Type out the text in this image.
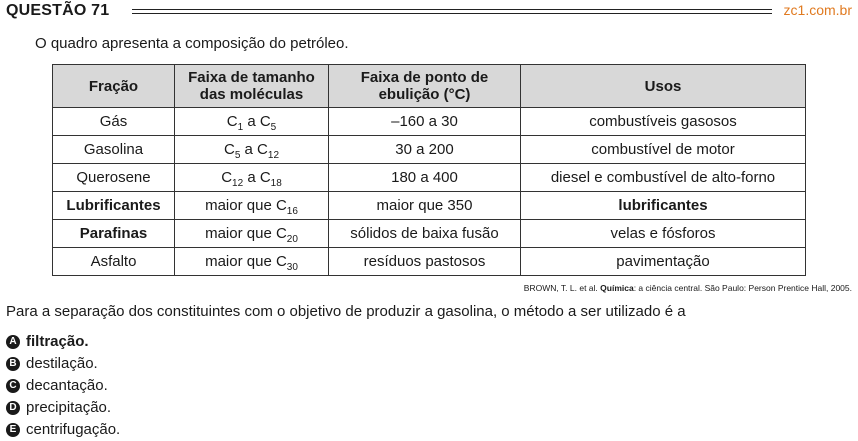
QUESTÃO 71	zc1.com.br
O quadro apresenta a composição do petróleo.
Fração	Faixa de tamanho das moléculas	Faixa de ponto de ebulição (°C)	Usos
Gás	$C_1$ a $C_5$	–160 a 30	combustíveis gasosos
Gasolina	$C_5$ a $C_{12}$	30 a 200	combustível de motor
Querosene	$C_{12}$ a $C_{18}$	180 a 400	diesel e combustível de alto-forno
Lubrificantes	maior que $C_{16}$	maior que 350	lubrificantes
Parafinas	maior que $C_{20}$	sólidos de baixa fusão	velas e fósforos
Asfalto	maior que $C_{30}$	resíduos pastosos	pavimentação
BROWN, T. L. et al. Química: a ciência central. São Paulo: Person Prentice Hall, 2005.
Para a separação dos constituintes com o objetivo de produzir a gasolina, o método a ser utilizado é a
A filtração.
B destilação.
C decantação.
D precipitação.
E centrifugação.
